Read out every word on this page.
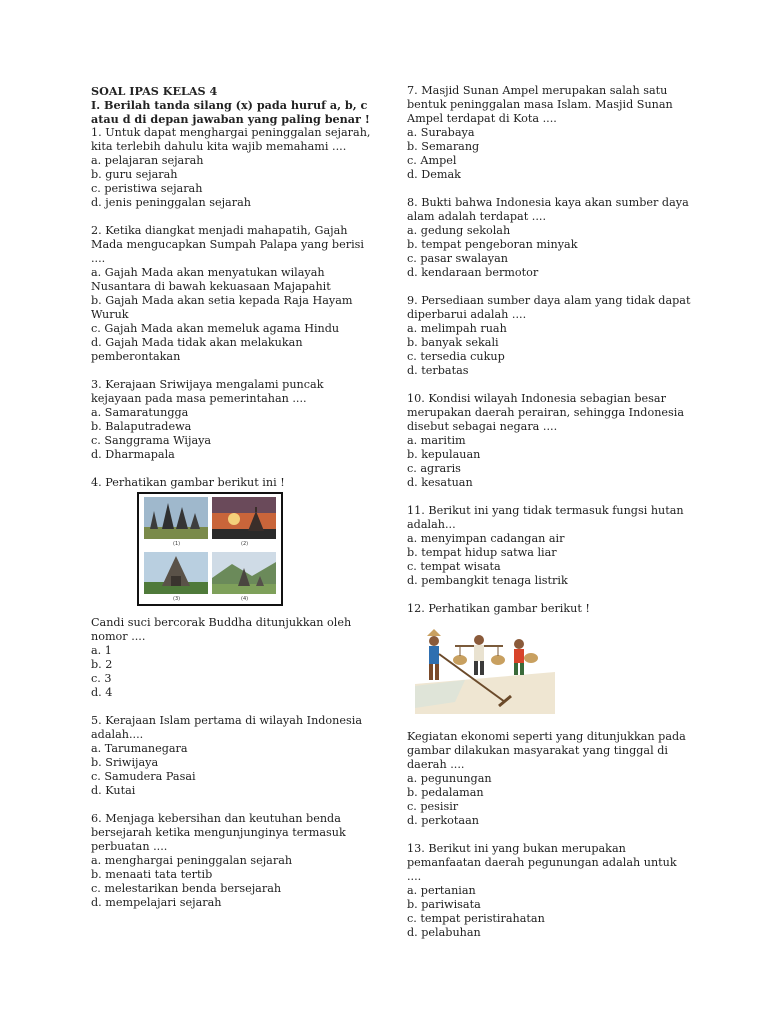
SOAL IPAS KELAS 4

I. Berilah tanda silang (x) pada huruf a, b, c atau d di depan jawaban yang paling benar !

1. Untuk dapat menghargai peninggalan sejarah, kita terlebih dahulu kita wajib memahami ....

a. pelajaran sejarah

b. guru sejarah

c. peristiwa sejarah

d. jenis peninggalan sejarah

2. Ketika diangkat menjadi mahapatih, Gajah Mada mengucapkan Sumpah Palapa yang berisi ....

a. Gajah Mada akan menyatukan wilayah Nusantara di bawah kekuasaan Majapahit

b. Gajah Mada akan setia kepada Raja Hayam Wuruk

c. Gajah Mada akan memeluk agama Hindu

d. Gajah Mada tidak akan melakukan pemberontakan

3. Kerajaan Sriwijaya mengalami puncak kejayaan pada masa pemerintahan ....

a. Samaratungga

b. Balaputradewa

c. Sanggrama Wijaya

d. Dharmapala

4. Perhatikan gambar berikut ini !

(1)	(2)
(3)	(4)

Candi suci bercorak Buddha ditunjukkan oleh nomor ....

a. 1

b. 2

c. 3

d. 4

5. Kerajaan Islam pertama di wilayah Indonesia adalah....

a. Tarumanegara

b. Sriwijaya

c. Samudera Pasai

d. Kutai

6. Menjaga kebersihan dan keutuhan benda bersejarah ketika mengunjunginya termasuk perbuatan ....

a. menghargai peninggalan sejarah

b. menaati tata tertib

c. melestarikan benda bersejarah

d. mempelajari sejarah

7. Masjid Sunan Ampel merupakan salah satu bentuk peninggalan masa Islam. Masjid Sunan Ampel terdapat di Kota ....

a. Surabaya

b. Semarang

c. Ampel

d. Demak

8. Bukti bahwa Indonesia kaya akan sumber daya alam adalah terdapat ....

a. gedung sekolah

b. tempat pengeboran minyak

c. pasar swalayan

d. kendaraan bermotor

9. Persediaan sumber daya alam yang tidak dapat diperbarui adalah ....

a. melimpah ruah

b. banyak sekali

c. tersedia cukup

d. terbatas

10. Kondisi wilayah Indonesia sebagian besar merupakan daerah perairan, sehingga Indonesia disebut sebagai negara ....

a. maritim

b. kepulauan

c. agraris

d. kesatuan

11. Berikut ini yang tidak termasuk fungsi hutan adalah...

a. menyimpan cadangan air

b. tempat hidup satwa liar

c. tempat wisata

d. pembangkit tenaga listrik

12. Perhatikan gambar berikut !

Kegiatan ekonomi seperti yang ditunjukkan pada gambar dilakukan masyarakat yang tinggal di daerah ....

a. pegunungan

b. pedalaman

c. pesisir

d. perkotaan

13. Berikut ini yang bukan merupakan pemanfaatan daerah pegunungan adalah untuk ....

a. pertanian

b. pariwisata

c. tempat peristirahatan

d. pelabuhan
